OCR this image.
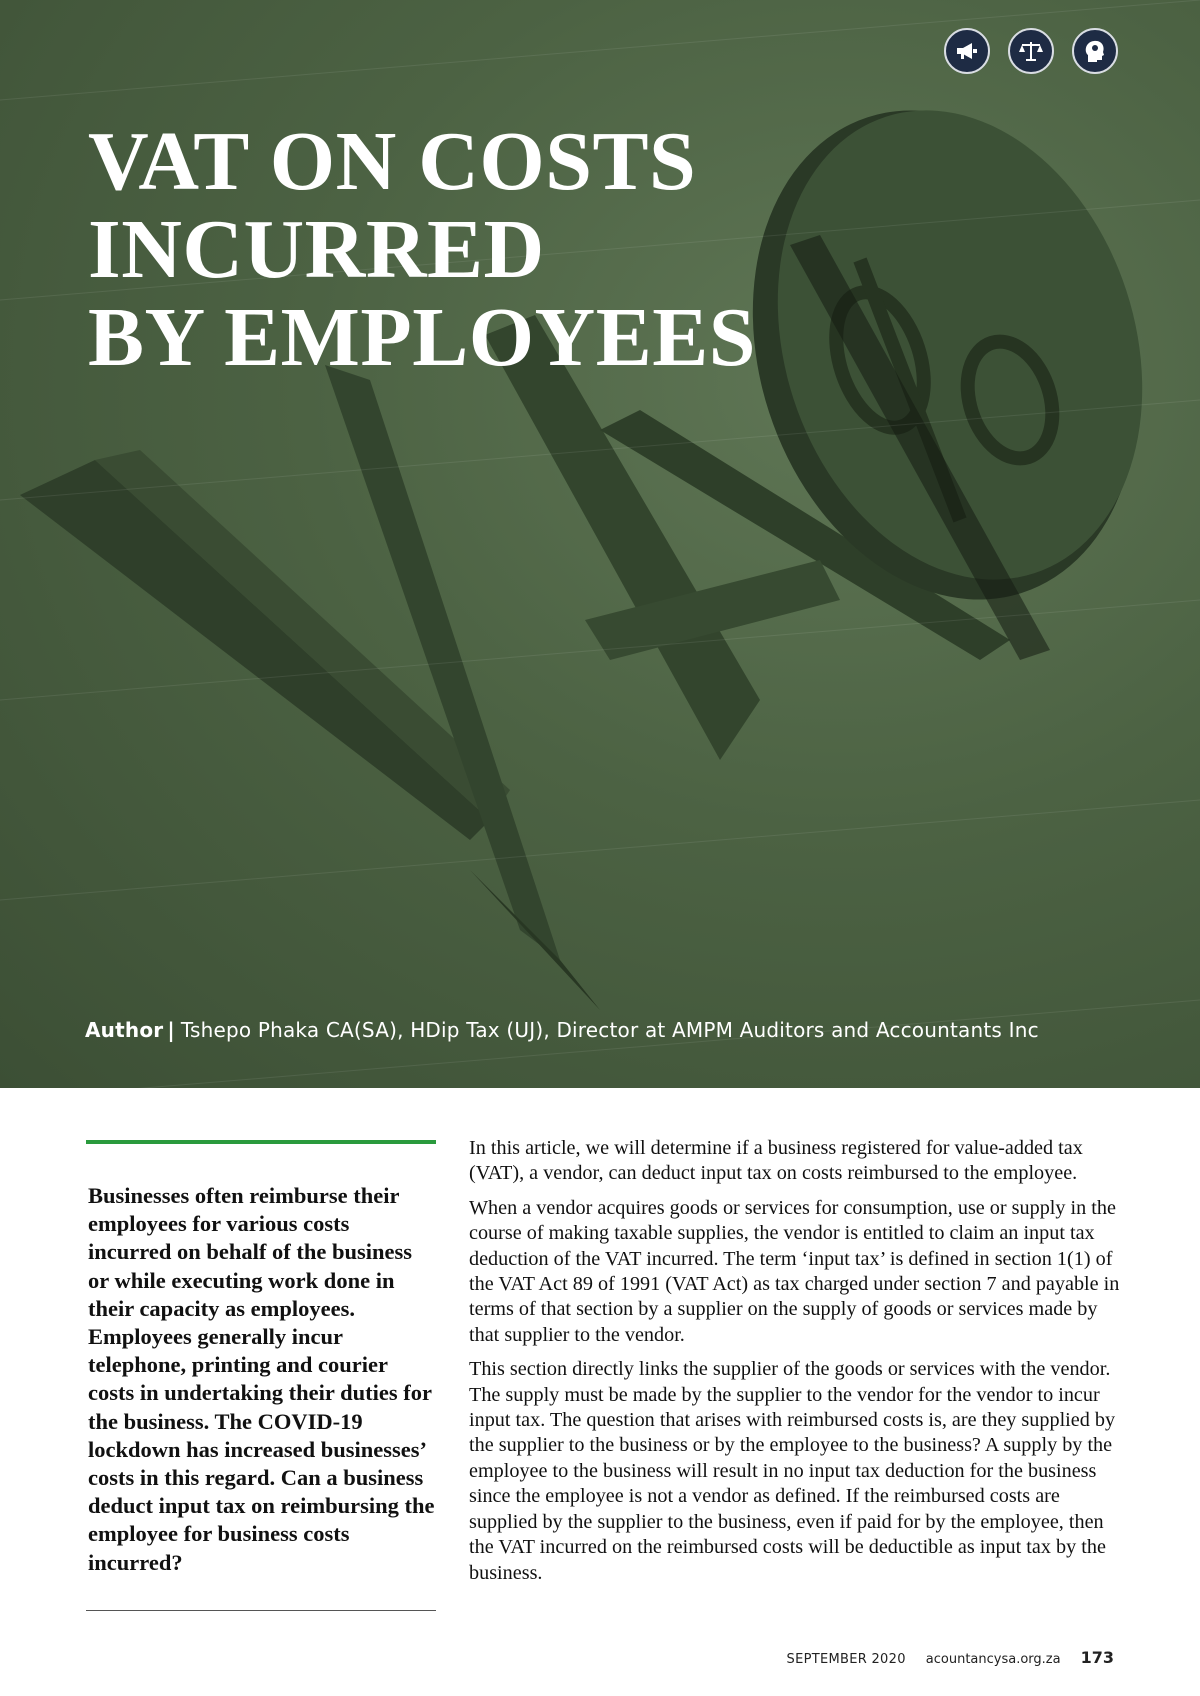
VAT ON COSTS INCURRED
BY EMPLOYEES
Author | Tshepo Phaka CA(SA), HDip Tax (UJ), Director at AMPM Auditors and Accountants Inc

Businesses often reimburse their employees for various costs incurred on behalf of the business or while executing work done in their capacity as employees. Employees generally incur telephone, printing and courier costs in undertaking their duties for the business. The COVID-19 lockdown has increased businesses’ costs in this regard. Can a business deduct input tax on reimbursing the employee for business costs incurred?

In this article, we will determine if a business registered for value-added tax (VAT), a vendor, can deduct input tax on costs reimbursed to the employee.

When a vendor acquires goods or services for consumption, use or supply in the course of making taxable supplies, the vendor is entitled to claim an input tax deduction of the VAT incurred. The term ‘input tax’ is defined in section 1(1) of the VAT Act 89 of 1991 (VAT Act) as tax charged under section 7 and payable in terms of that section by a supplier on the supply of goods or services made by that supplier to the vendor.

This section directly links the supplier of the goods or services with the vendor. The supply must be made by the supplier to the vendor for the vendor to incur input tax. The question that arises with reimbursed costs is, are they supplied by the supplier to the business or by the employee to the business? A supply by the employee to the business will result in no input tax deduction for the business since the employee is not a vendor as defined. If the reimbursed costs are supplied by the supplier to the business, even if paid for by the employee, then the VAT incurred on the reimbursed costs will be deductible as input tax by the business.

SEPTEMBER 2020 acountancysa.org.za 173
